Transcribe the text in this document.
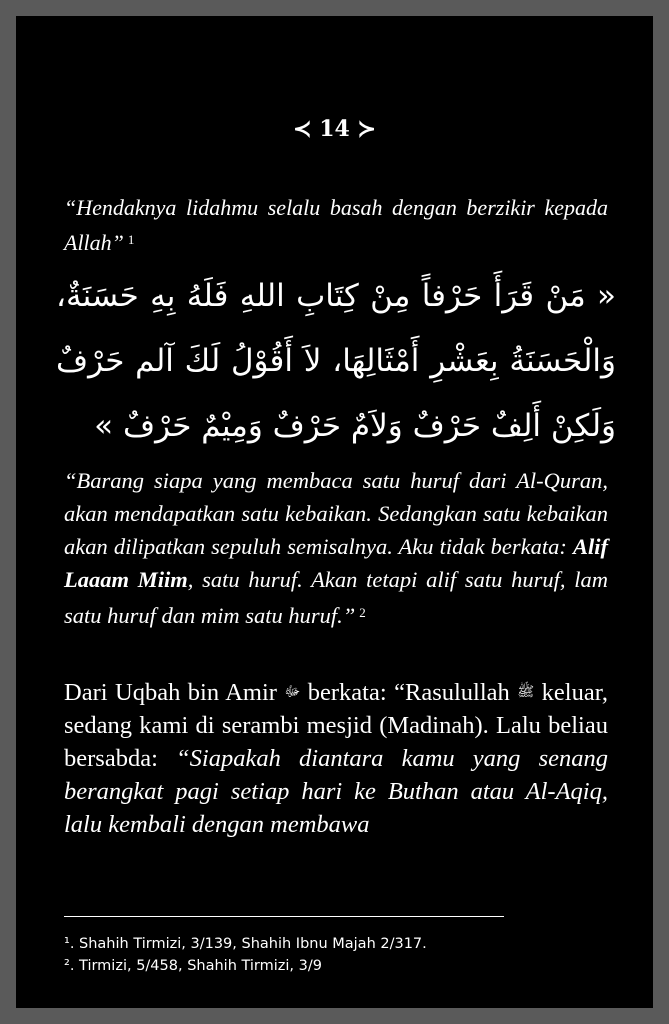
≺ 14 ≻
“Hendaknya lidahmu selalu basah dengan berzikir kepada Allah” $^1$
« مَنْ قَرَأَ حَرْفاً مِنْ كِتَابِ اللهِ فَلَهُ بِهِ حَسَنَةٌ، وَالْحَسَنَةُ بِعَشْرِ أَمْثَالِهَا، لاَ أَقُوْلُ لَكَ آلم حَرْفٌ وَلَكِنْ أَلِفٌ حَرْفٌ وَلاَمٌ حَرْفٌ وَمِيْمٌ حَرْفٌ »
“Barang siapa yang membaca satu huruf dari Al-Quran, akan mendapatkan satu kebaikan. Sedangkan satu kebaikan akan dilipatkan sepuluh semisalnya. Aku tidak berkata: Alif Laaam Miim, satu huruf. Akan tetapi alif satu huruf, lam satu huruf dan mim satu huruf.” $^2$
Dari Uqbah bin Amir ﷻ berkata: “Rasulullah ﷺ keluar, sedang kami di serambi mesjid (Madinah). Lalu beliau bersabda: “Siapakah diantara kamu yang senang berangkat pagi setiap hari ke Buthan atau Al-Aqiq, lalu kembali dengan membawa
¹. Shahih Tirmizi, 3/139, Shahih Ibnu Majah 2/317.
². Tirmizi, 5/458, Shahih Tirmizi, 3/9
